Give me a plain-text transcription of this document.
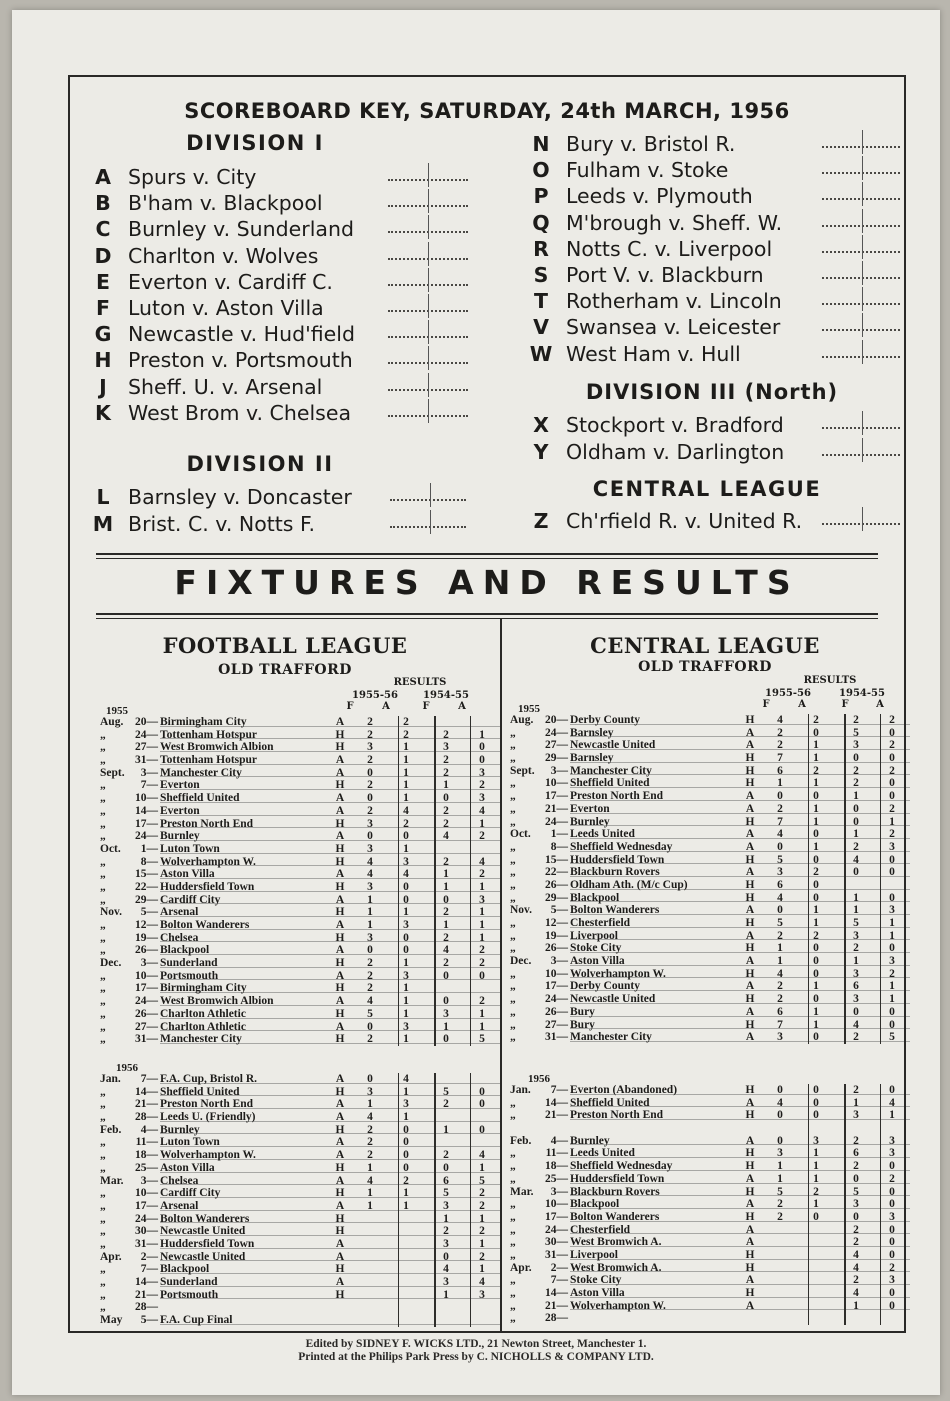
SCOREBOARD KEY, SATURDAY, 24th MARCH, 1956
DIVISION I
A Spurs v. City
B B'ham v. Blackpool
C Burnley v. Sunderland
D Charlton v. Wolves
E Everton v. Cardiff C.
F Luton v. Aston Villa
G Newcastle v. Hud'field
H Preston v. Portsmouth
J	Sheff. U. v. Arsenal
K West Brom v. Chelsea
DIVISION II
L Barnsley v. Doncaster
M Brist. C. v. Notts F.
N Bury v. Bristol R.
O Fulham v. Stoke
P Leeds v. Plymouth
Q M'brough v. Sheff. W.
R Notts C. v. Liverpool
S Port V. v. Blackburn
T Rotherham v. Lincoln
V Swansea v. Leicester
W West Ham v. Hull
DIVISION III (North)
X Stockport v. Bradford
Y Oldham v. Darlington
CENTRAL LEAGUE
Z Ch'rfield R. v. United R.
FIXTURES AND RESULTS
FOOTBALL LEAGUE
OLD TRAFFORD
RESULTS
1955-56	1954-55
F	A	F	A
1955
Aug.	20— Birmingham City	A	2	2
„	24— Tottenham Hotspur	H	2	2	2	1
„	27— West Bromwich Albion	H	3	1	3	0
„	31— Tottenham Hotspur	A	2	1	2	0
Sept.	3— Manchester City	A	0	1	2	3
„	7— Everton	H	2	1	1	2
„	10— Sheffield United	A	0	1	0	3
„	14— Everton	A	2	4	2	4
„	17— Preston North End	H	3	2	2	1
„	24— Burnley	A	0	0	4	2
Oct.	1— Luton Town	H	3	1
„	8— Wolverhampton W.	H	4	3	2	4
„	15— Aston Villa	A	4	4	1	2
„	22— Huddersfield Town	H	3	0	1	1
„	29— Cardiff City	A	1	0	0	3
Nov.	5— Arsenal	H	1	1	2	1
„	12— Bolton Wanderers	A	1	3	1	1
„	19— Chelsea	H	3	0	2	1
„	26— Blackpool	A	0	0	4	2
Dec.	3— Sunderland	H	2	1	2	2
„	10— Portsmouth	A	2	3	0	0
„	17— Birmingham City	H	2	1
„	24— West Bromwich Albion	A	4	1	0	2
„	26— Charlton Athletic	H	5	1	3	1
„	27— Charlton Athletic	A	0	3	1	1
„	31— Manchester City	H	2	1	0	5
1956
Jan.	7— F.A. Cup, Bristol R.	A	0	4
„	14— Sheffield United	H	3	1	5	0
„	21— Preston North End	A	1	3	2	0
„	28— Leeds U. (Friendly)	A	4	1
Feb.	4— Burnley	H	2	0	1	0
„	11— Luton Town	A	2	0
„	18— Wolverhampton W.	A	2	0	2	4
„	25— Aston Villa	H	1	0	0	1
Mar.	3— Chelsea	A	4	2	6	5
„	10— Cardiff City	H	1	1	5	2
„	17— Arsenal	A	1	1	3	2
„	24— Bolton Wanderers	H	1	1
„	30— Newcastle United	H	2	2
„	31— Huddersfield Town	A	3	1
Apr.	2— Newcastle United	A	0	2
„	7— Blackpool	H	4	1
„	14— Sunderland	A	3	4
„	21— Portsmouth	H	1	3
„	28—
May	5— F.A. Cup Final
CENTRAL LEAGUE
OLD TRAFFORD
RESULTS
1955-56	1954-55
F	A	F	A
1955
Aug.	20— Derby County	H	4	2	2	2
„	24— Barnsley	A	2	0	5	0
„	27— Newcastle United	A	2	1	3	2
„	29— Barnsley	H	7	1	0	0
Sept.	3— Manchester City	H	6	2	2	2
„	10— Sheffield United	H	1	1	2	0
„	17— Preston North End	A	0	0	1	0
„	21— Everton	A	2	1	0	2
„	24— Burnley	H	7	1	0	1
Oct.	1— Leeds United	A	4	0	1	2
„	8— Sheffield Wednesday	A	0	1	2	3
„	15— Huddersfield Town	H	5	0	4	0
„	22— Blackburn Rovers	A	3	2	0	0
„	26— Oldham Ath. (M/c Cup)	H	6	0
„	29— Blackpool	H	4	0	1	0
Nov.	5— Bolton Wanderers	A	0	1	1	3
„	12— Chesterfield	H	5	1	5	1
„	19— Liverpool	A	2	2	3	1
„	26— Stoke City	H	1	0	2	0
Dec.	3— Aston Villa	A	1	0	1	3
„	10— Wolverhampton W.	H	4	0	3	2
„	17— Derby County	A	2	1	6	1
„	24— Newcastle United	H	2	0	3	1
„	26— Bury	A	6	1	0	0
„	27— Bury	H	7	1	4	0
„	31— Manchester City	A	3	0	2	5
1956
Jan.	7— Everton (Abandoned)	H	0	0	2	0
„	14— Sheffield United	A	4	0	1	4
„	21— Preston North End	H	0	0	3	1
Feb.	4— Burnley	A	0	3	2	3
„	11— Leeds United	H	3	1	6	3
„	18— Sheffield Wednesday	H	1	1	2	0
„	25— Huddersfield Town	A	1	1	0	2
Mar.	3— Blackburn Rovers	H	5	2	5	0
„	10— Blackpool	A	2	1	3	0
„	17— Bolton Wanderers	H	2	0	0	3
„	24— Chesterfield	A	2	0
„	30— West Bromwich A.	A	2	0
„	31— Liverpool	H	4	0
Apr.	2— West Bromwich A.	H	4	2
„	7— Stoke City	A	2	3
„	14— Aston Villa	H	4	0
„	21— Wolverhampton W.	A	1	0
„	28—
Edited by SIDNEY F. WICKS LTD., 21 Newton Street, Manchester 1.
Printed at the Philips Park Press by C. NICHOLLS & COMPANY LTD.
